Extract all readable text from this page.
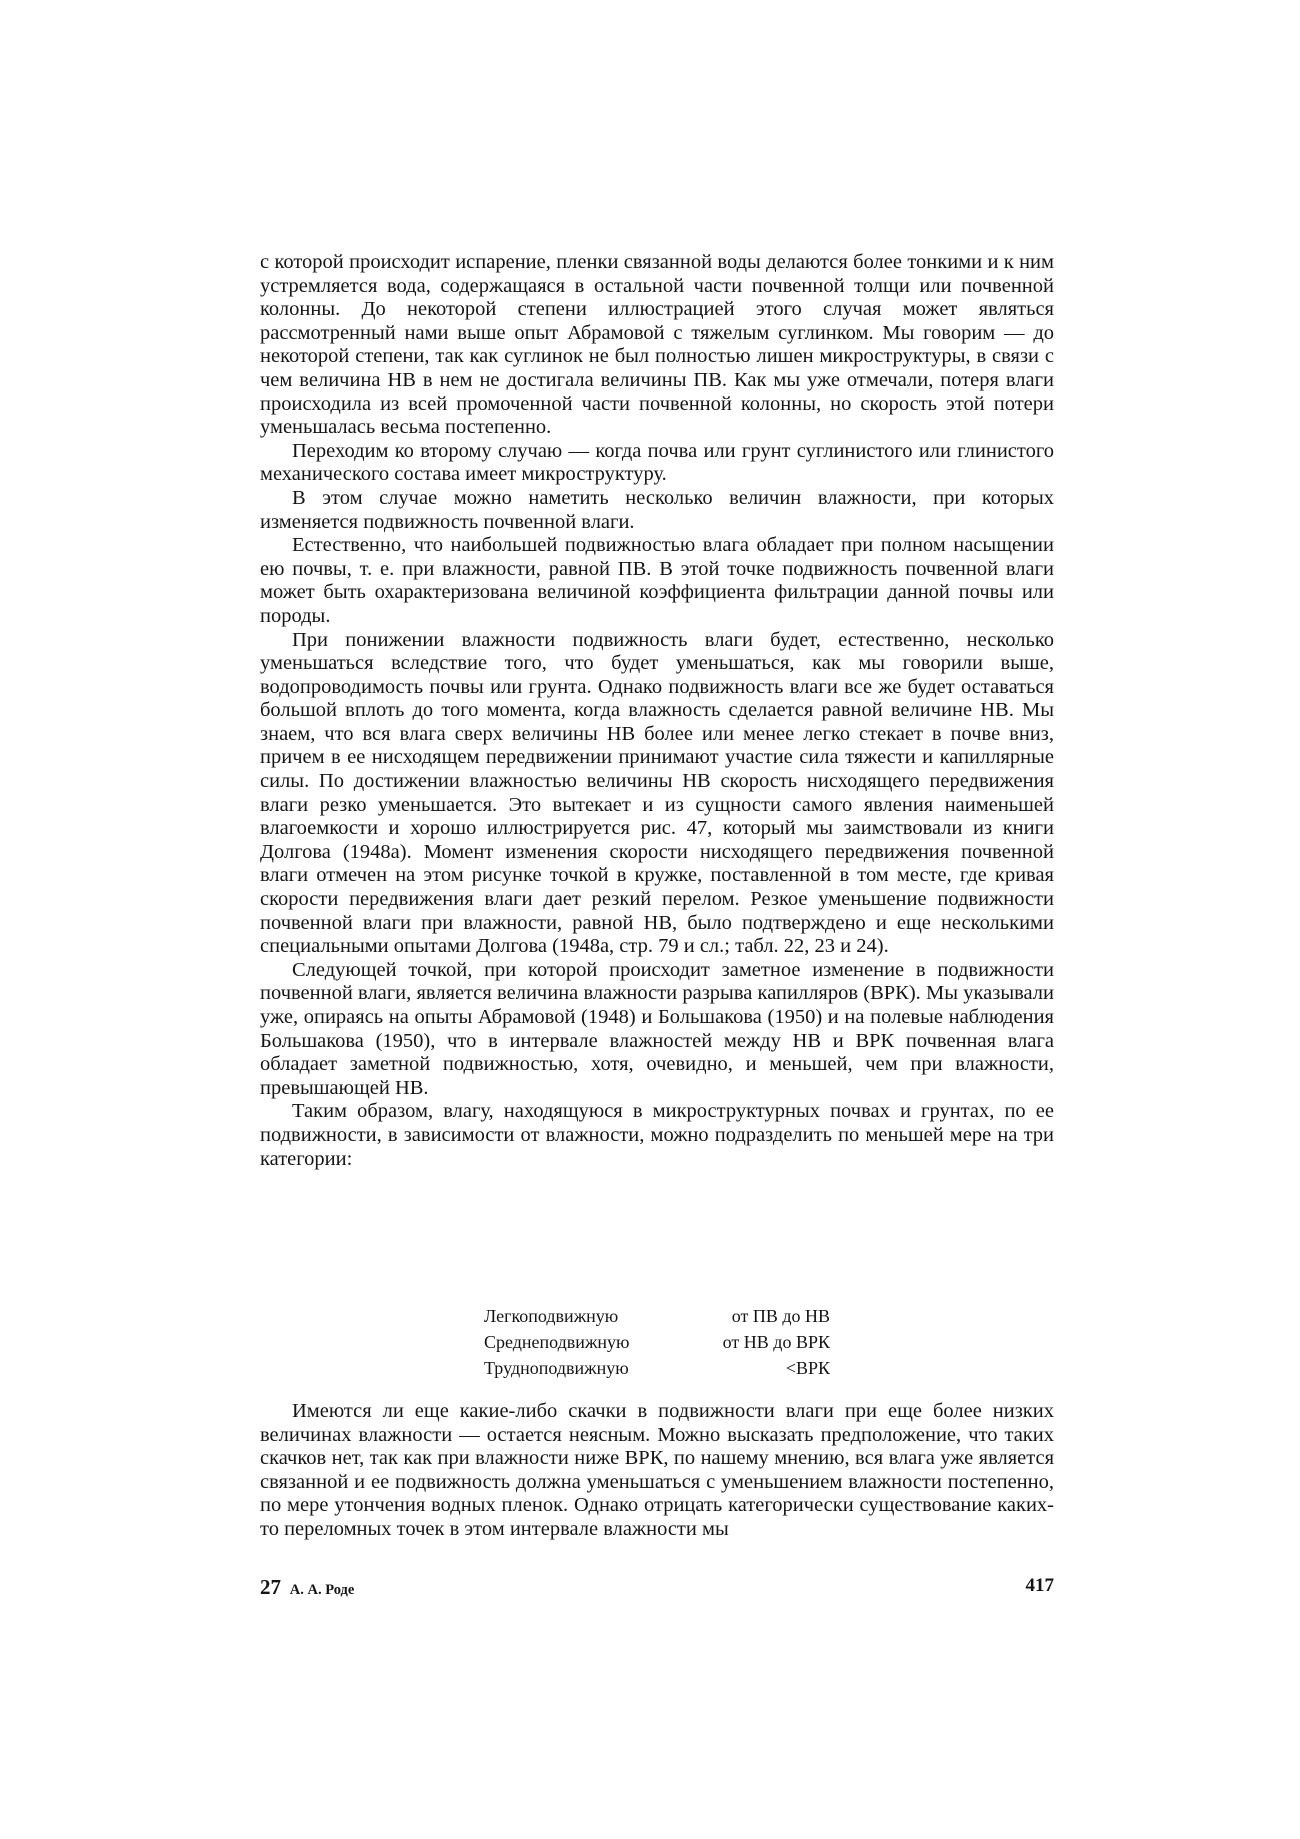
с которой происходит испарение, пленки связанной воды делаются более тонкими и к ним устремляется вода, содержащаяся в остальной части почвенной толщи или почвенной колонны. До некоторой степени иллюстрацией этого случая может являться рассмотренный нами выше опыт Абрамовой с тяжелым суглинком. Мы говорим — до некоторой степени, так как суглинок не был полностью лишен микроструктуры, в связи с чем величина НВ в нем не достигала величины ПВ. Как мы уже отмечали, потеря влаги происходила из всей промоченной части почвенной колонны, но скорость этой потери уменьшалась весьма постепенно.

Переходим ко второму случаю — когда почва или грунт суглинистого или глинистого механического состава имеет микроструктуру.

В этом случае можно наметить несколько величин влажности, при которых изменяется подвижность почвенной влаги.

Естественно, что наибольшей подвижностью влага обладает при полном насыщении ею почвы, т. е. при влажности, равной ПВ. В этой точке подвижность почвенной влаги может быть охарактеризована величиной коэффициента фильтрации данной почвы или породы.

При понижении влажности подвижность влаги будет, естественно, несколько уменьшаться вследствие того, что будет уменьшаться, как мы говорили выше, водопроводимость почвы или грунта. Однако подвижность влаги все же будет оставаться большой вплоть до того момента, когда влажность сделается равной величине НВ. Мы знаем, что вся влага сверх величины НВ более или менее легко стекает в почве вниз, причем в ее нисходящем передвижении принимают участие сила тяжести и капиллярные силы. По достижении влажностью величины НВ скорость нисходящего передвижения влаги резко уменьшается. Это вытекает и из сущности самого явления наименьшей влагоемкости и хорошо иллюстрируется рис. 47, который мы заимствовали из книги Долгова (1948а). Момент изменения скорости нисходящего передвижения почвенной влаги отмечен на этом рисунке точкой в кружке, поставленной в том месте, где кривая скорости передвижения влаги дает резкий перелом. Резкое уменьшение подвижности почвенной влаги при влажности, равной НВ, было подтверждено и еще несколькими специальными опытами Долгова (1948а, стр. 79 и сл.; табл. 22, 23 и 24).

Следующей точкой, при которой происходит заметное изменение в подвижности почвенной влаги, является величина влажности разрыва капилляров (ВРК). Мы указывали уже, опираясь на опыты Абрамовой (1948) и Большакова (1950) и на полевые наблюдения Большакова (1950), что в интервале влажностей между НВ и ВРК почвенная влага обладает заметной подвижностью, хотя, очевидно, и меньшей, чем при влажности, превышающей НВ.

Таким образом, влагу, находящуюся в микроструктурных почвах и грунтах, по ее подвижности, в зависимости от влажности, можно подразделить по меньшей мере на три категории:

Легкоподвижную	от ПВ до НВ
Среднеподвижную	от НВ до ВРК
Трудноподвижную	<ВРК

Имеются ли еще какие-либо скачки в подвижности влаги при еще более низких величинах влажности — остается неясным. Можно высказать предположение, что таких скачков нет, так как при влажности ниже ВРК, по нашему мнению, вся влага уже является связанной и ее подвижность должна уменьшаться с уменьшением влажности постепенно, по мере утончения водных пленок. Однако отрицать категорически существование каких-то переломных точек в этом интервале влажности мы

27 А. А. Роде	417
